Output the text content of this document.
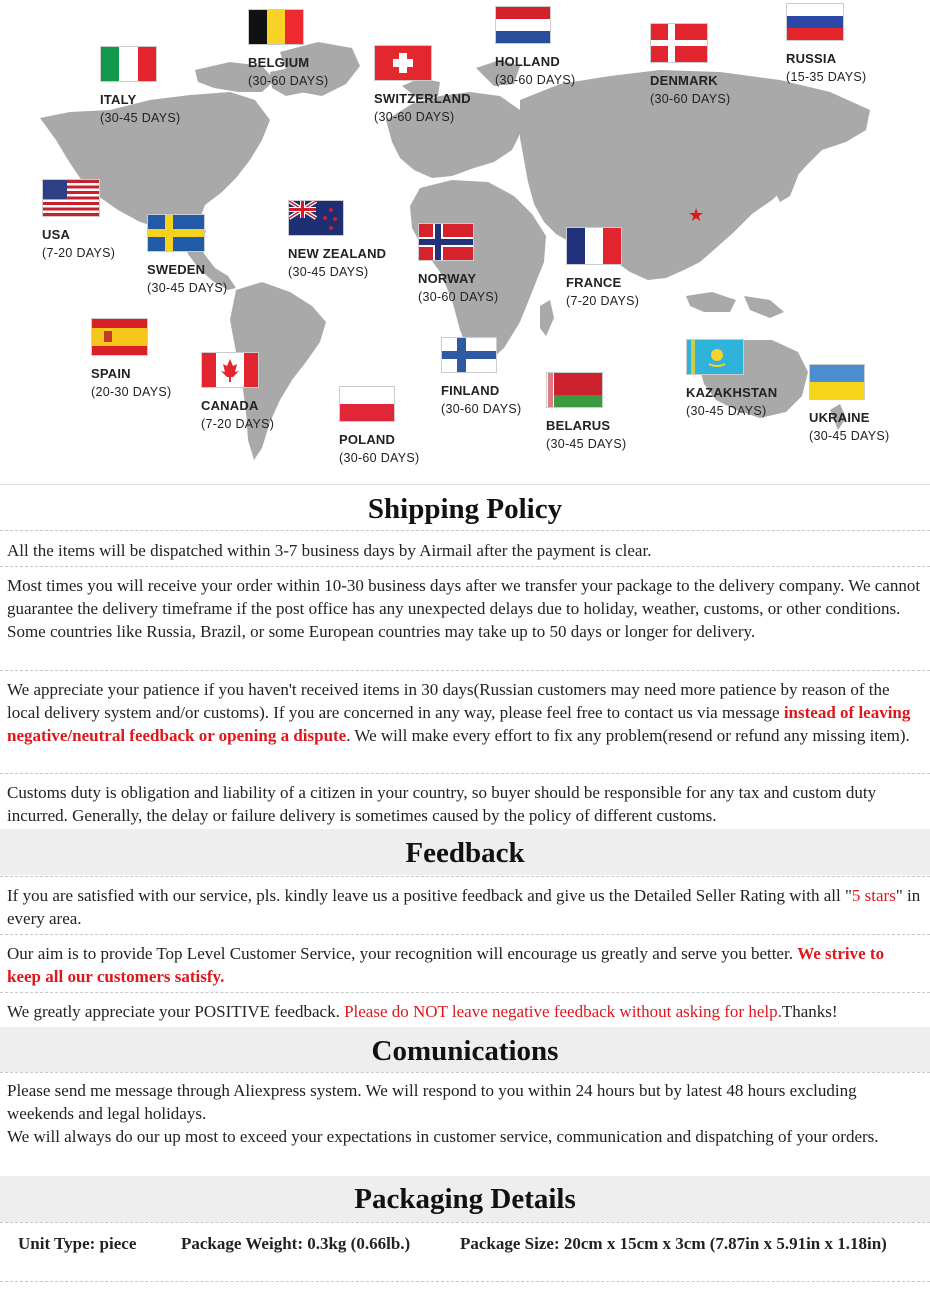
BELGIUM
(30-60 DAYS)
HOLLAND
(30-60 DAYS)
RUSSIA
(15-35 DAYS)
ITALY
(30-45 DAYS)
SWITZERLAND
(30-60 DAYS)
DENMARK
(30-60 DAYS)
USA
(7-20 DAYS)
SWEDEN
(30-45 DAYS)
NEW ZEALAND
(30-45 DAYS)	NORWAY
(30-60 DAYS)
FRANCE
(7-20 DAYS)
SPAIN
(20-30 DAYS)
CANADA
(7-20 DAYS)
POLAND
(30-60 DAYS)
FINLAND
(30-60 DAYS)
BELARUS
(30-45 DAYS)
KAZAKHSTAN
(30-45 DAYS)	UKRAINE
(30-45 DAYS)
★
Shipping Policy
All the items will be dispatched within 3-7 business days by Airmail after the payment is clear.
Most times you will receive your order within 10-30 business days after we transfer your package to the delivery company. We cannot guarantee the delivery timeframe if the post office has any unexpected delays due to holiday, weather, customs, or other conditions. Some countries like Russia, Brazil, or some European countries may take up to 50 days or longer for delivery.
We appreciate your patience if you haven't received items in 30 days(Russian customers may need more patience by reason of the local delivery system and/or customs). If you are concerned in any way, please feel free to contact us via message instead of leaving negative/neutral feedback or opening a dispute. We will make every effort to fix any problem(resend or refund any missing item).
Customs duty is obligation and liability of a citizen in your country, so buyer should be responsible for any tax and custom duty incurred. Generally, the delay or failure delivery is sometimes caused by the policy of different customs.
Feedback
If you are satisfied with our service, pls. kindly leave us a positive feedback and give us the Detailed Seller Rating with all "5 stars" in every area.
Our aim is to provide Top Level Customer Service, your recognition will encourage us greatly and serve you better. We strive to keep all our customers satisfy.
We greatly appreciate your POSITIVE feedback. Please do NOT leave negative feedback without asking for help.Thanks!
Comunications
Please send me message through Aliexpress system. We will respond to you within 24 hours but by latest 48 hours excluding weekends and legal holidays.
We will always do our up most to exceed your expectations in customer service, communication and dispatching of your orders.
Packaging Details
Unit Type: piece	Package Weight: 0.3kg (0.66lb.)	Package Size: 20cm x 15cm x 3cm (7.87in x 5.91in x 1.18in)
